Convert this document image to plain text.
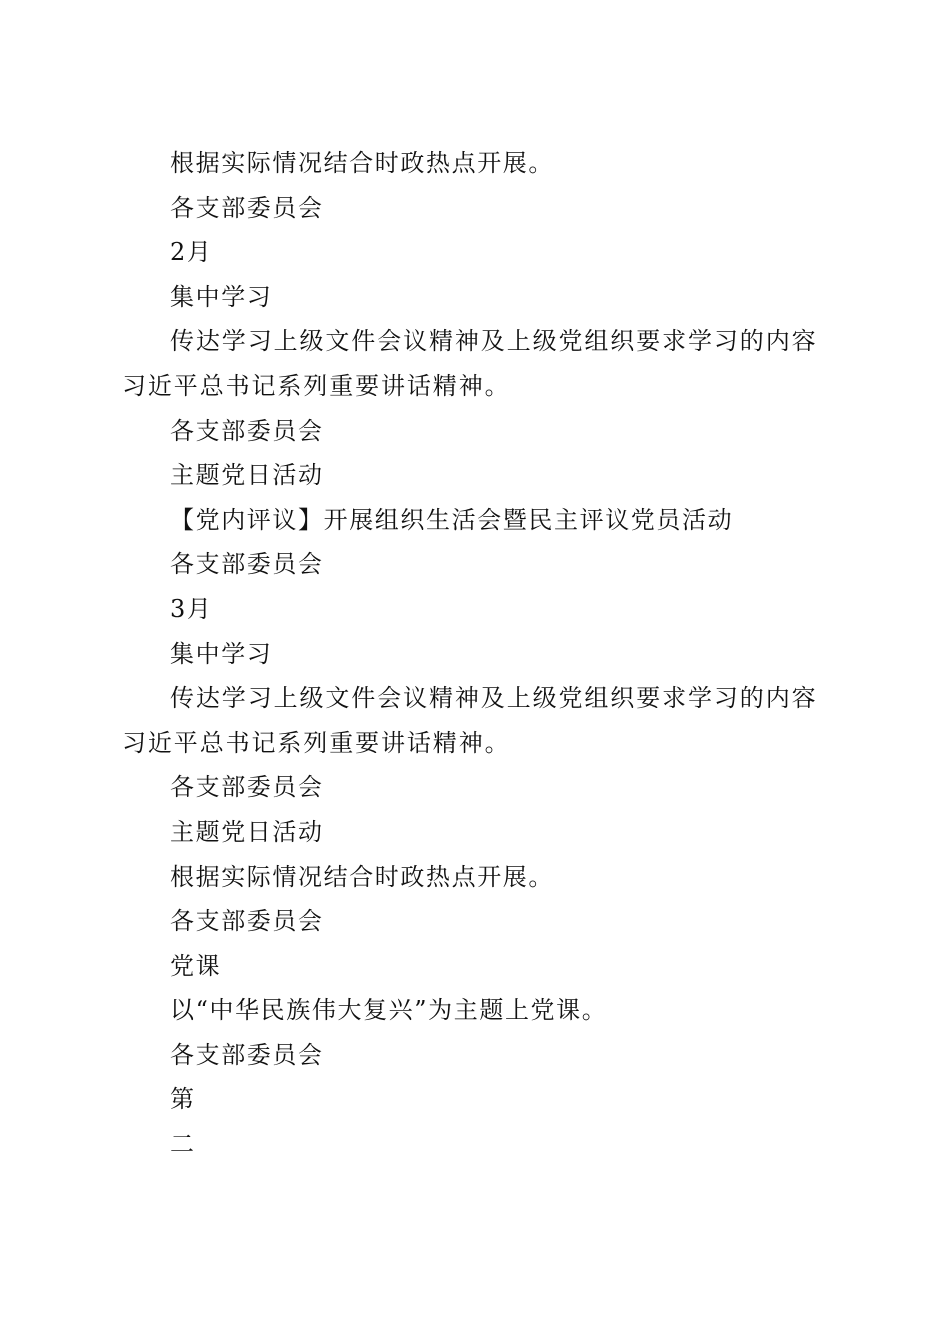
根据实际情况结合时政热点开展。

各支部委员会

2月

集中学习

传达学习上级文件会议精神及上级党组织要求学习的内容习近平总书记系列重要讲话精神。

各支部委员会

主题党日活动

【党内评议】开展组织生活会暨民主评议党员活动

各支部委员会

3月

集中学习

传达学习上级文件会议精神及上级党组织要求学习的内容习近平总书记系列重要讲话精神。

各支部委员会

主题党日活动

根据实际情况结合时政热点开展。

各支部委员会

党课

以“中华民族伟大复兴”为主题上党课。

各支部委员会

第

二
